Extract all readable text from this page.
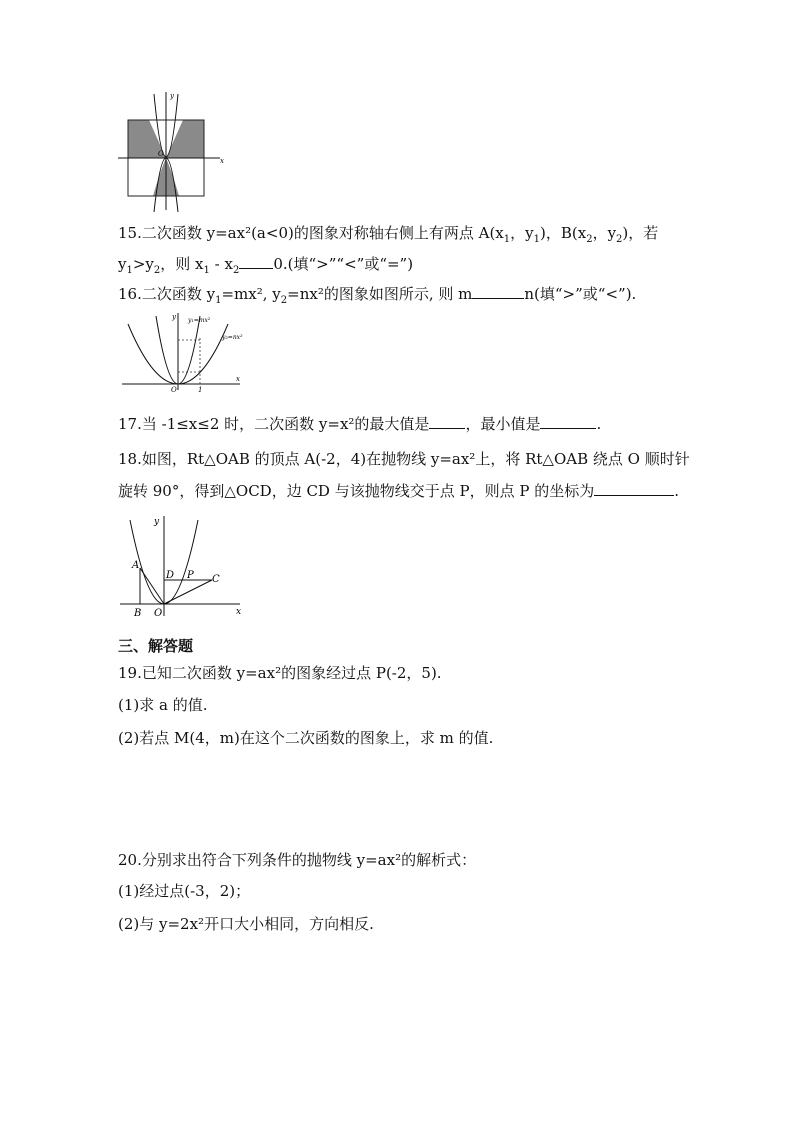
y
x
O
15.二次函数 y=ax²(a<0)的图象对称轴右侧上有两点 $A(x_1$，$y_1$)，$B(x_2$，$y_2$)，若
$y_1>y_2$，则 $x_1 - x_2$ 0.(填“>”“<”或“=”)
16.二次函数 $y_1=mx^2$, $y_2=nx^2$的图象如图所示, 则 m	n(填“>”或“<”).
y₁=mx²
y₂=nx²
y
x
O	1
17.当 -1≤x≤2 时，二次函数 y=x²的最大值是 ，最小值是	.
18.如图，Rt△OAB 的顶点 A(-2，4)在抛物线 y=ax²上，将 Rt△OAB 绕点 O 顺时针
旋转 90°，得到△OCD，边 CD 与该抛物线交于点 P，则点 P 的坐标为	.
A
B O
D P C
x
y
三、解答题
19.已知二次函数 y=ax²的图象经过点 P(-2，5).
(1)求 a 的值.
(2)若点 M(4，m)在这个二次函数的图象上，求 m 的值.
20.分别求出符合下列条件的抛物线 y=ax²的解析式：
(1)经过点(-3，2)；
(2)与 y=2x²开口大小相同，方向相反.
